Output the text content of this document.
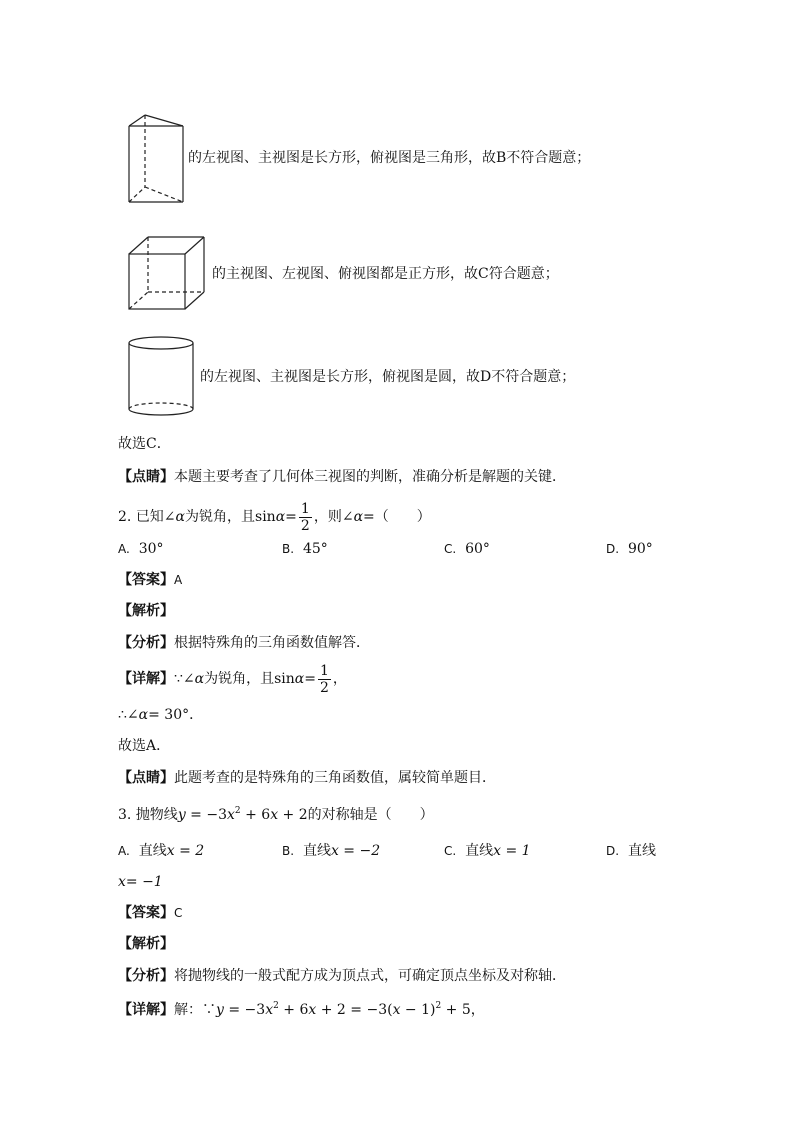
的左视图、主视图是长方形，俯视图是三角形，故B不符合题意；
的主视图、左视图、俯视图都是正方形，故C符合题意；
的左视图、主视图是长方形，俯视图是圆，故D不符合题意；
故选C．
【点睛】本题主要考查了几何体三视图的判断，准确分析是解题的关键．
2. 已知∠α为锐角，且$\sin\alpha= \frac{1}{2}$ ，则∠α=（　　）
A. 30°	B. 45°	C. 60°	D. 90°
【答案】A
【解析】
【分析】根据特殊角的三角函数值解答．
【详解】∵∠α为锐角，且$\sin\alpha= \frac{1}{2}$ ，
∴∠α= 30°．
故选A．
【点睛】此题考查的是特殊角的三角函数值，属较简单题目．
3. 抛物线$y = -3x^2 + 6x + 2$的对称轴是（　　）
A. 直线x = 2	B. 直线x = −2	C. 直线x = 1	D. 直线
x= −1
【答案】C
【解析】
【分析】将抛物线的一般式配方成为顶点式，可确定顶点坐标及对称轴．
【详解】解：∵y = $-3x^2 + 6x + 2 = -3(x - 1)^2 + 5$，
